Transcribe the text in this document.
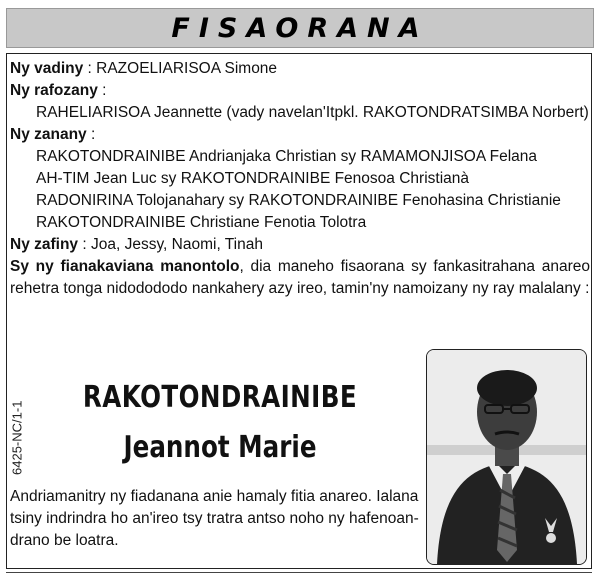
FISAORANA

Ny vadiny : RAZOELIARISOA Simone

Ny rafozany :

RAHELIARISOA Jeannette (vady navelan'Itpkl. RAKOTONDRATSIMBA Norbert)

Ny zanany :

RAKOTONDRAINIBE Andrianjaka Christian sy RAMAMONJISOA Felana

AH-TIM Jean Luc sy RAKOTONDRAINIBE Fenosoa Christianà

RADONIRINA Tolojanahary sy RAKOTONDRAINIBE Fenohasina Christianie

RAKOTONDRAINIBE Christiane Fenotia Tolotra

Ny zafiny : Joa, Jessy, Naomi, Tinah

Sy ny fianakaviana manontolo, dia maneho fisaorana sy fankasitrahana anareo rehetra tonga nidodododo nankahery azy ireo, tamin'ny namoizany ny ray malalany :

6425-NC/1-1
RAKOTONDRAINIBE
Jeannot Marie
Andriamanitry ny fiadanana anie hamaly fitia anareo. Ialana tsiny indrindra ho an'ireo tsy tratra antso noho ny hafenoan-drano be loatra.
